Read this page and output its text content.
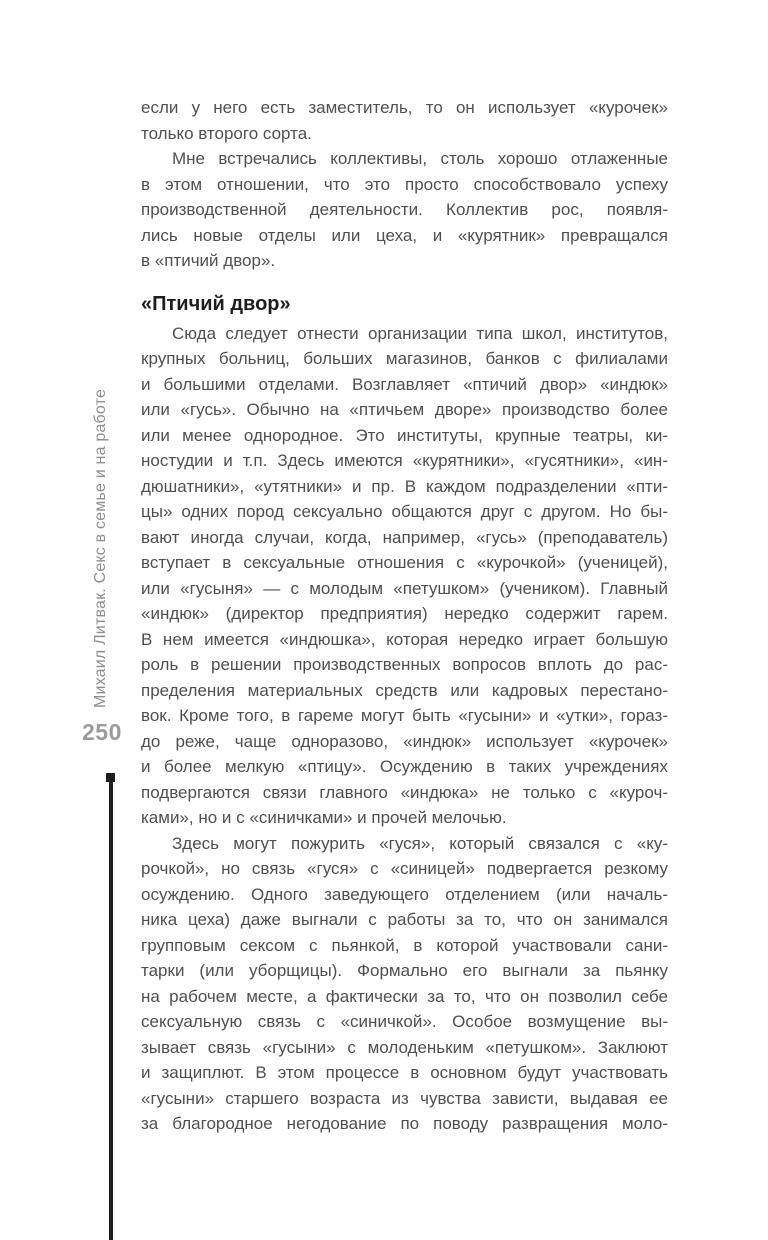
Михаил Литвак. Секс в семье и на работе
250
если у него есть заместитель, то он использует «курочек»
только второго сорта.
Мне встречались коллективы, столь хорошо отлаженные
в этом отношении, что это просто способствовало успеху
производственной деятельности. Коллектив рос, появля-
лись новые отделы или цеха, и «курятник» превращался
в «птичий двор».
«Птичий двор»
Сюда следует отнести организации типа школ, институтов,
крупных больниц, больших магазинов, банков с филиалами
и большими отделами. Возглавляет «птичий двор» «индюк»
или «гусь». Обычно на «птичьем дворе» производство более
или менее однородное. Это институты, крупные театры, ки-
ностудии и т.п. Здесь имеются «курятники», «гусятники», «ин-
дюшатники», «утятники» и пр. В каждом подразделении «пти-
цы» одних пород сексуально общаются друг с другом. Но бы-
вают иногда случаи, когда, например, «гусь» (преподаватель)
вступает в сексуальные отношения с «курочкой» (ученицей),
или «гусыня» — с молодым «петушком» (учеником). Главный
«индюк» (директор предприятия) нередко содержит гарем.
В нем имеется «индюшка», которая нередко играет большую
роль в решении производственных вопросов вплоть до рас-
пределения материальных средств или кадровых перестано-
вок. Кроме того, в гареме могут быть «гусыни» и «утки», гораз-
до реже, чаще одноразово, «индюк» использует «курочек»
и более мелкую «птицу». Осуждению в таких учреждениях
подвергаются связи главного «индюка» не только с «куроч-
ками», но и с «синичками» и прочей мелочью.
Здесь могут пожурить «гуся», который связался с «ку-
рочкой», но связь «гуся» с «синицей» подвергается резкому
осуждению. Одного заведующего отделением (или началь-
ника цеха) даже выгнали с работы за то, что он занимался
групповым сексом с пьянкой, в которой участвовали сани-
тарки (или уборщицы). Формально его выгнали за пьянку
на рабочем месте, а фактически за то, что он позволил себе
сексуальную связь с «синичкой». Особое возмущение вы-
зывает связь «гусыни» с молоденьким «петушком». Заклюют
и защиплют. В этом процессе в основном будут участвовать
«гусыни» старшего возраста из чувства зависти, выдавая ее
за благородное негодование по поводу развращения моло-
